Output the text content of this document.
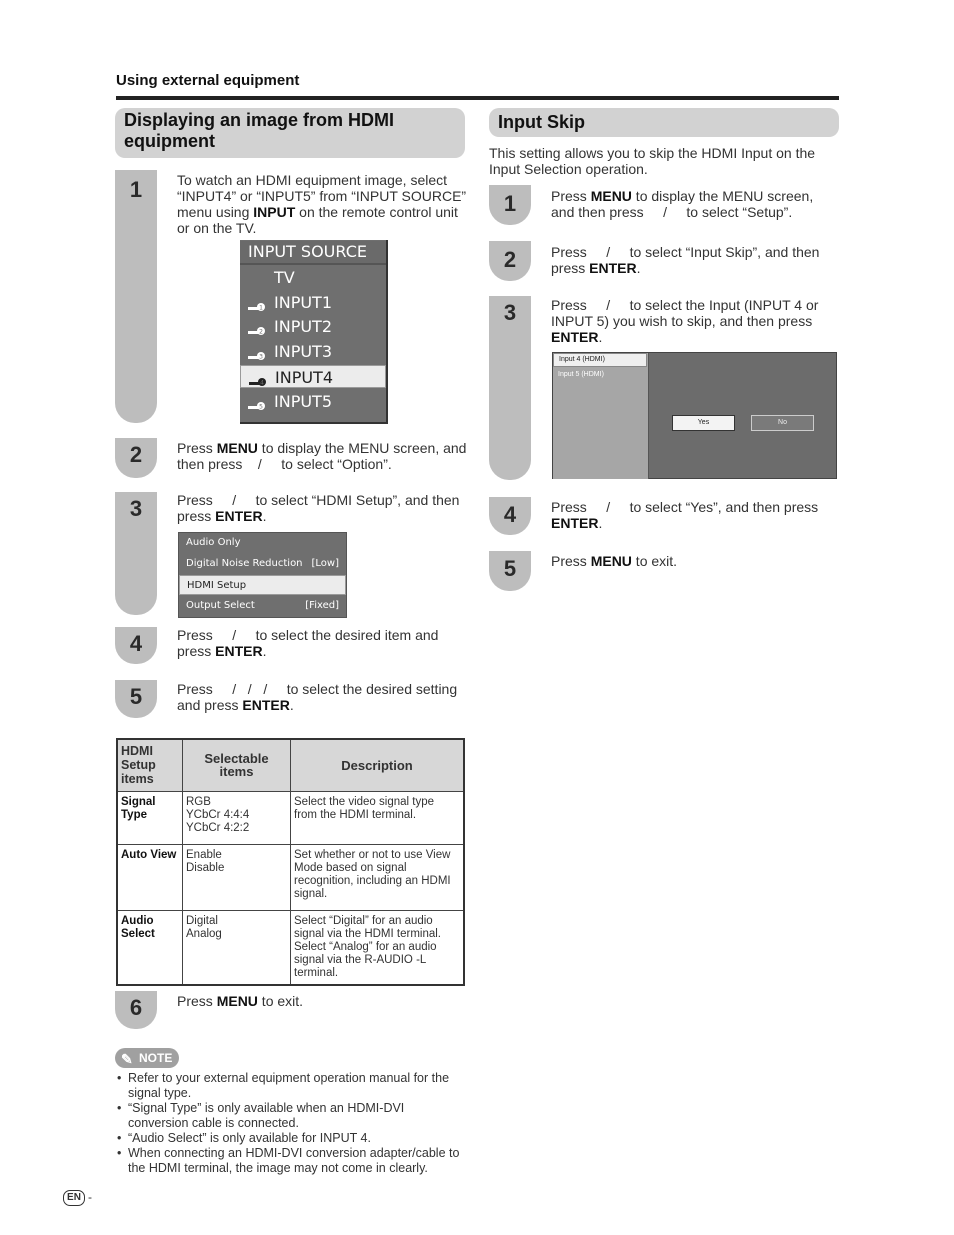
Using external equipment
Displaying an image from HDMI equipment
1	To watch an HDMI equipment image, select “INPUT4” or “INPUT5” from “INPUT SOURCE” menu using INPUT on the remote control unit or on the TV.
INPUT SOURCE
TV
1 INPUT1
2 INPUT2
3 INPUT3
4 INPUT4
5 INPUT5
2	Press MENU to display the MENU screen, and then press    /     to select “Option”.
3	Press     /     to select “HDMI Setup”, and then press ENTER.
Audio Only
Digital Noise Reduction [Low]
HDMI Setup
Output Select	[Fixed]
4	Press     /     to select the desired item and press ENTER.
5	Press     /   /   /     to select the desired setting and press ENTER.
HDMI Setup items	Selectable items	Description
Signal Type	RGB
YCbCr 4:4:4
YCbCr 4:2:2	Select the video signal type from the HDMI terminal.
Auto View	Enable
Disable	Set whether or not to use View Mode based on signal recognition, including an HDMI signal.
Audio Select	Digital
Analog	Select “Digital” for an audio signal via the HDMI terminal. Select “Analog” for an audio signal via the R-AUDIO -L terminal.
6	Press MENU to exit.
✎ NOTE
• Refer to your external equipment operation manual for the signal type.
• “Signal Type” is only available when an HDMI-DVI conversion cable is connected.
• “Audio Select” is only available for INPUT 4.
• When connecting an HDMI-DVI conversion adapter/cable to the HDMI terminal, the image may not come in clearly.
EN -
Input Skip
This setting allows you to skip the HDMI Input on the Input Selection operation.
1	Press MENU to display the MENU screen, and then press     /     to select “Setup”.
2	Press     /     to select “Input Skip”, and then press ENTER.
3	Press     /     to select the Input (INPUT 4 or INPUT 5) you wish to skip, and then press ENTER.
Input 4 (HDMI)
Input 5 (HDMI)
Yes	No
4	Press     /     to select “Yes”, and then press ENTER.
5	Press MENU to exit.
